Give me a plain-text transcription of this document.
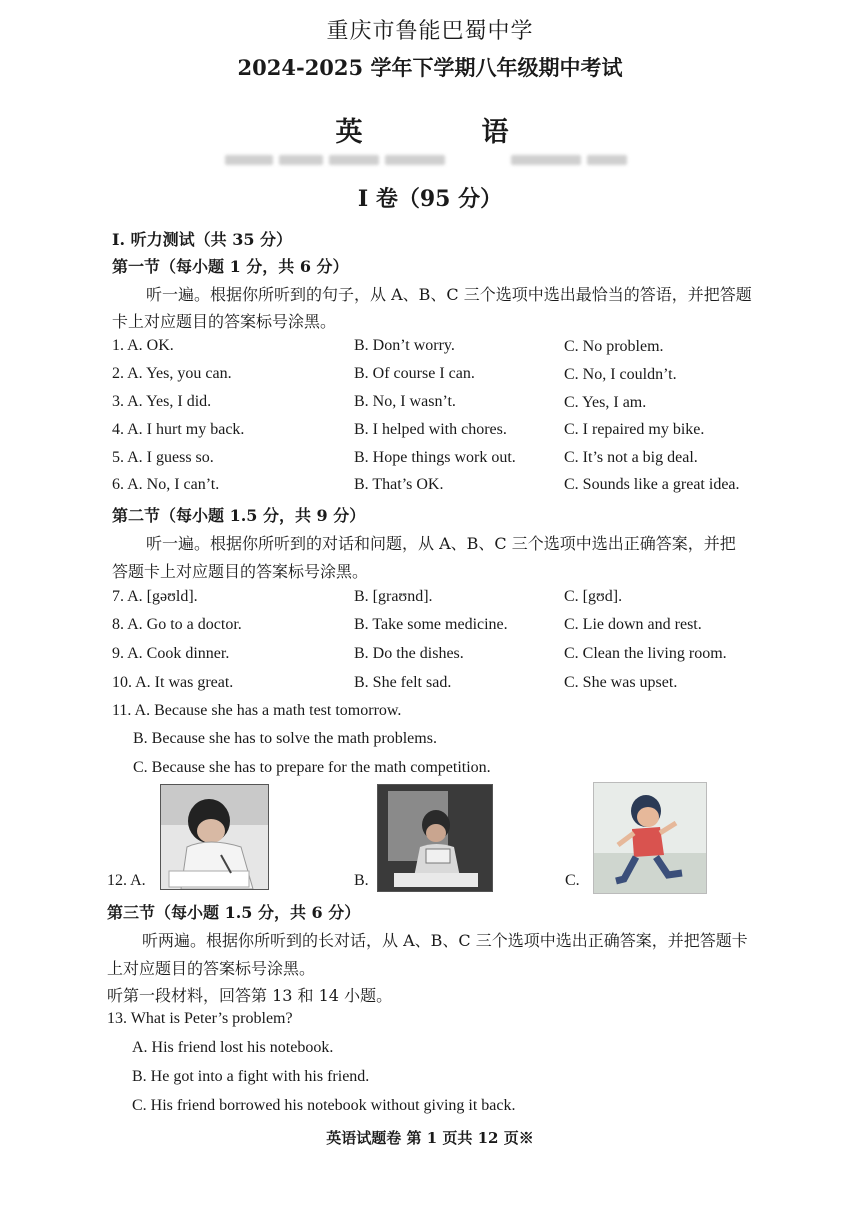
重庆市鲁能巴蜀中学
2024-2025 学年下学期八年级期中考试
英　语
I 卷（95 分）
I. 听力测试（共 35 分）
第一节（每小题 1 分，共 6 分）
听一遍。根据你所听到的句子，从 A、B、C 三个选项中选出最恰当的答语，并把答题
卡上对应题目的答案标号涂黑。
1. A. OK.	B. Don’t worry.	C. No problem.
2. A. Yes, you can.	B. Of course I can.	C. No, I couldn’t.
3. A. Yes, I did.	B. No, I wasn’t.	C. Yes, I am.
4. A. I hurt my back.	B. I helped with chores.	C. I repaired my bike.
5. A. I guess so.	B. Hope things work out.	C. It’s not a big deal.
6. A. No, I can’t.	B. That’s OK.	C. Sounds like a great idea.
第二节（每小题 1.5 分，共 9 分）
听一遍。根据你所听到的对话和问题，从 A、B、C 三个选项中选出正确答案，并把
答题卡上对应题目的答案标号涂黑。
7. A. [gəʊld].	B. [graʊnd].	C. [gʊd].
8. A. Go to a doctor.	B. Take some medicine.	C. Lie down and rest.
9. A. Cook dinner.	B. Do the dishes.	C. Clean the living room.
10. A. It was great.	B. She felt sad.	C. She was upset.
11. A. Because she has a math test tomorrow.
B. Because she has to solve the math problems.
C. Because she has to prepare for the math competition.
12. A.	B.	C.
第三节（每小题 1.5 分，共 6 分）
听两遍。根据你所听到的长对话，从 A、B、C 三个选项中选出正确答案，并把答题卡
上对应题目的答案标号涂黑。
听第一段材料，回答第 13 和 14 小题。
13. What is Peter’s problem?
A. His friend lost his notebook.
B. He got into a fight with his friend.
C. His friend borrowed his notebook without giving it back.
英语试题卷 第 1 页共 12 页※
